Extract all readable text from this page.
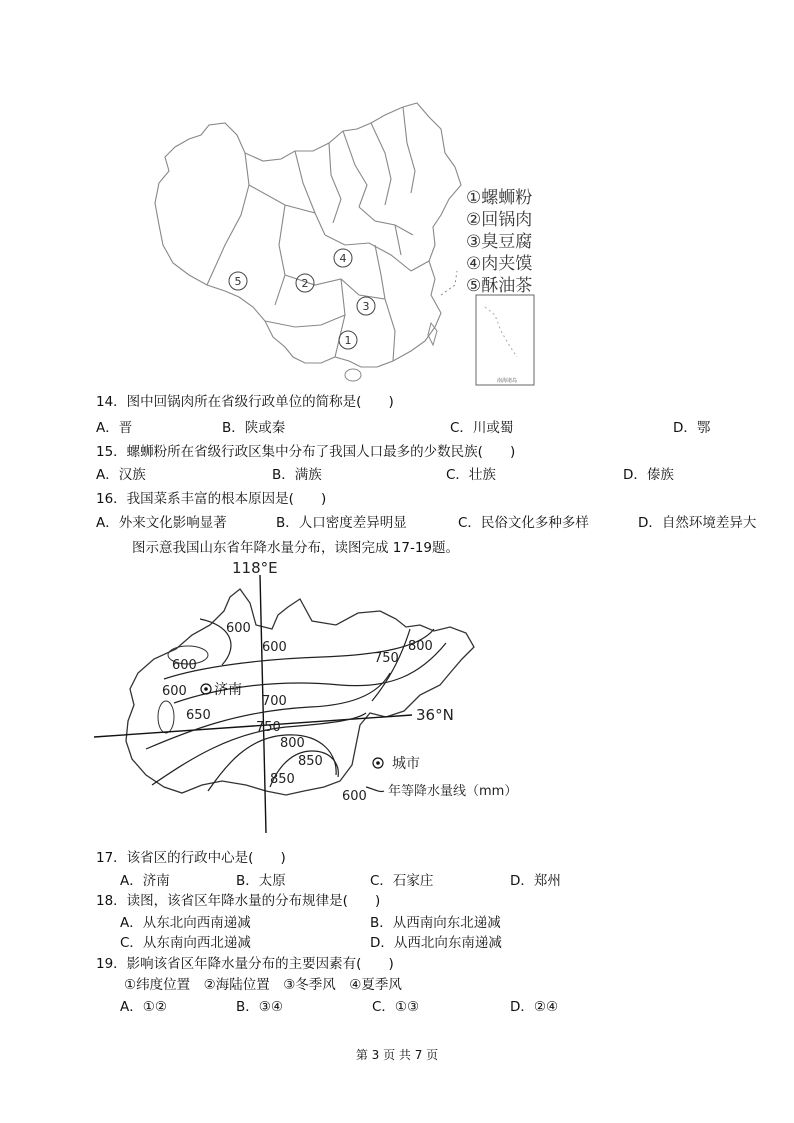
南海诸岛
5	2
3
4
1
①螺蛳粉
②回锅肉
③臭豆腐
④肉夹馍
⑤酥油茶
14．图中回锅肉所在省级行政单位的简称是(　　)
A．晋	B．陕或秦	C．川或蜀	D．鄂
15．螺蛳粉所在省级行政区集中分布了我国人口最多的少数民族(　　)
A．汉族	B．满族	C．壮族	D．傣族
16．我国菜系丰富的根本原因是(　　)
A．外来文化影响显著	B．人口密度差异明显	C．民俗文化多种多样	D．自然环境差异大
图示意我国山东省年降水量分布，读图完成 17-19题。
600
600
600
600
650
700
750
750
800
800
850
850
118°E
36°N
济南
城市
600 年等降水量线（mm）
17．该省区的行政中心是(　　)
A．济南	B．太原	C．石家庄	D．郑州
18．读图，该省区年降水量的分布规律是(　　)
A．从东北向西南递减	B．从西南向东北递减
C．从东南向西北递减	D．从西北向东南递减
19．影响该省区年降水量分布的主要因素有(　　)
①纬度位置　②海陆位置　③冬季风　④夏季风
A．①②	B．③④	C．①③	D．②④
第 3 页 共 7 页
